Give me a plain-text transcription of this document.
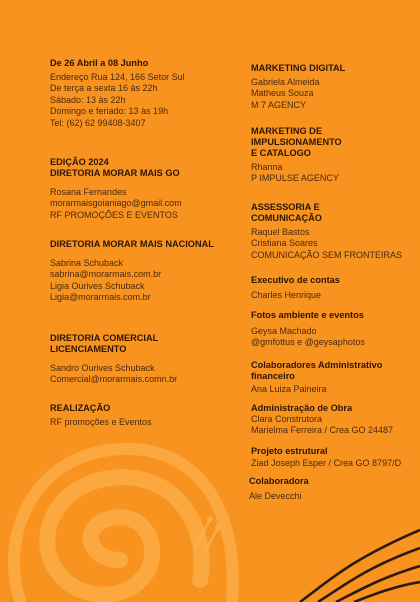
De 26 Abril a 08 Junho

Endereço Rua 124, 166 Setor Sul

De terça a sexta 16 às 22h

Sábado: 13 às 22h

Domingo e feriado: 13 às 19h

Tel: (62) 62 99408-3407

EDIÇÃO 2024

DIRETORIA MORAR MAIS GO

Rosana Fernandes

morarmaisgoianiago@gmail.com

RF PROMOÇÕES E EVENTOS

DIRETORIA MORAR MAIS NACIONAL

Sabrina Schuback

sabrina@morarmais.com.br

Ligia Ourives Schuback

Ligia@morarmais.com.br

DIRETORIA COMERCIAL

LICENCIAMENTO

Sandro Ourives Schuback

Comercial@morarmais.comn.br

REALIZAÇÃO

RF promoções e Eventos

MARKETING DIGITAL

Gabriela Almeida

Matheus Souza

M 7 AGENCY

MARKETING DE

IMPULSIONAMENTO

E CATALOGO

Rhanna

P IMPULSE AGENCY

ASSESSORIA E

COMUNICAÇÃO

Raquel Bastos

Cristiana Soares

COMUNICAÇÃO SEM FRONTEIRAS

Executivo de contas

Charles Henrique

Fotos ambiente e eventos

Geysa Machado

@gmfottus e @geysaphotos

Colaboradores Administrativo

financeiro

Ana Luiza Paineira

Administração de Obra

Clara Construtora

Marielma Ferreira / Crea GO 24487

Projeto estrutural

Ziad Joseph Esper / Crea GO 8797/D

Colaboradora

Ale Devecchi
